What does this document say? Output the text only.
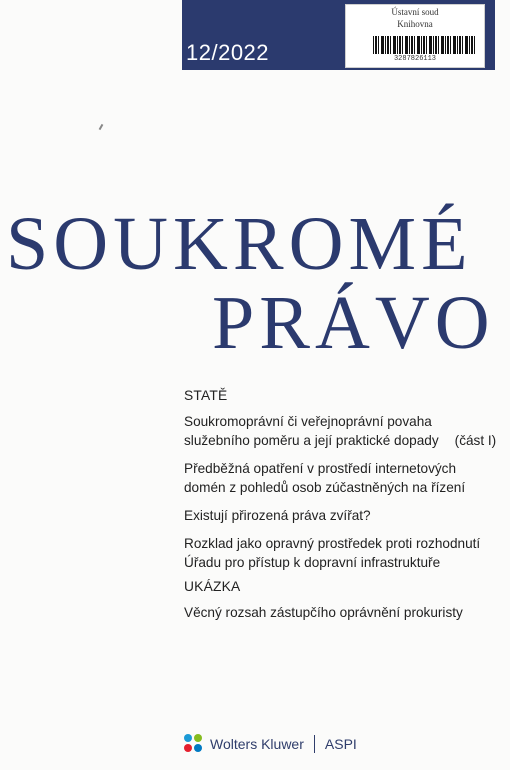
12/2022
Ústavní soud
Knihovna
3287826113
SOUKROMÉ
PRÁVO
STATĚ
Soukromoprávní či veřejnoprávní povaha
služebního poměru a její praktické dopady (část I)
Předběžná opatření v prostředí internetových
domén z pohledů osob zúčastněných na řízení
Existují přirozená práva zvířat?
Rozklad jako opravný prostředek proti rozhodnutí
Úřadu pro přístup k dopravní infrastruktuře
UKÁZKA
Věcný rozsah zástupčího oprávnění prokuristy
Wolters Kluwer ASPI
